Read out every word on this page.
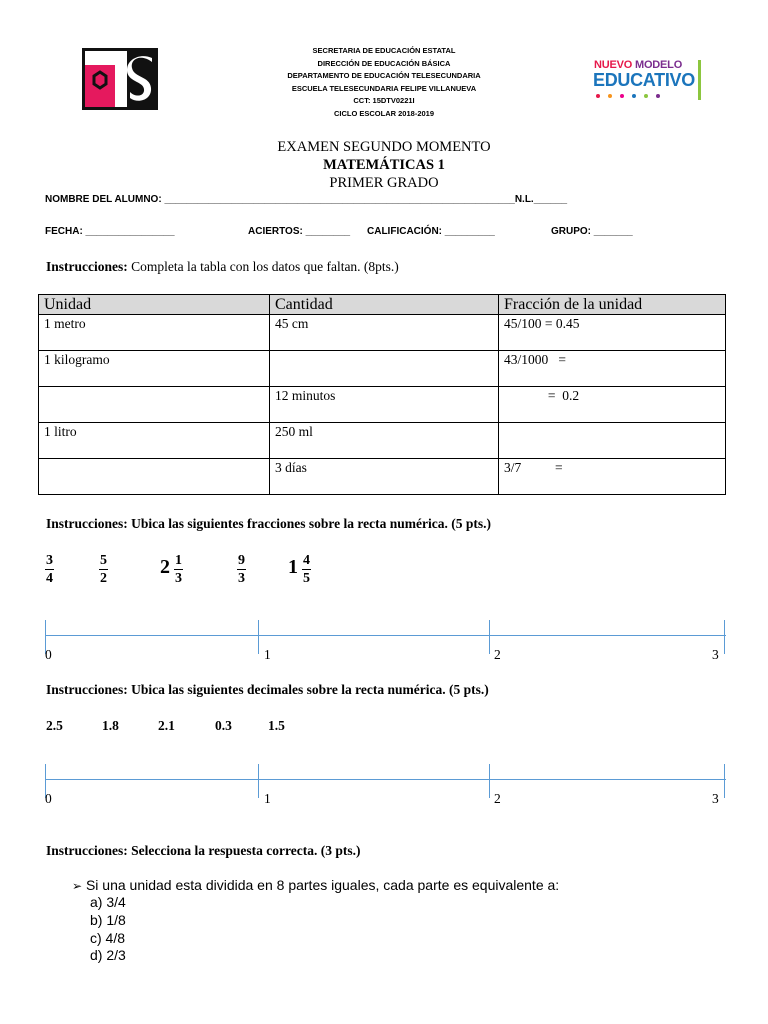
SECRETARIA DE EDUCACIÓN ESTATAL
DIRECCIÓN DE EDUCACIÓN BÁSICA
DEPARTAMENTO DE EDUCACIÓN TELESECUNDARIA
ESCUELA TELESECUNDARIA FELIPE VILLANUEVA
CCT: 15DTV0221I
CICLO ESCOLAR 2018-2019
NUEVO MODELO
EDUCATIVO
EXAMEN SEGUNDO MOMENTO
MATEMÁTICAS 1
PRIMER GRADO
NOMBRE DEL ALUMNO: _______________________________________________________________N.L.______
FECHA: ________________	ACIERTOS: ________ CALIFICACIÓN: _________	GRUPO: _______
Instrucciones: Completa la tabla con los datos que faltan. (8pts.)
Unidad	Cantidad	Fracción de la unidad
1 metro	45 cm	45/100 = 0.45
1 kilogramo		43/1000   =
	12 minutos	=  0.2
1 litro	250 ml	
	3 días	3/7          =
Instrucciones: Ubica las siguientes fracciones sobre la recta numérica. (5 pts.)
$\frac{3}{4}$	$\frac{5}{2}$	$2 \frac{1}{3}$	$\frac{9}{3} 1 \frac{4}{5}$
0	1	2	3
Instrucciones: Ubica las siguientes decimales sobre la recta numérica. (5 pts.)
2.5	1.8	2.1	0.3	1.5
0	1	2	3
Instrucciones: Selecciona la respuesta correcta. (3 pts.)
➢ Si una unidad esta dividida en 8 partes iguales, cada parte es equivalente a:
a) 3/4
b) 1/8
c) 4/8
d) 2/3
